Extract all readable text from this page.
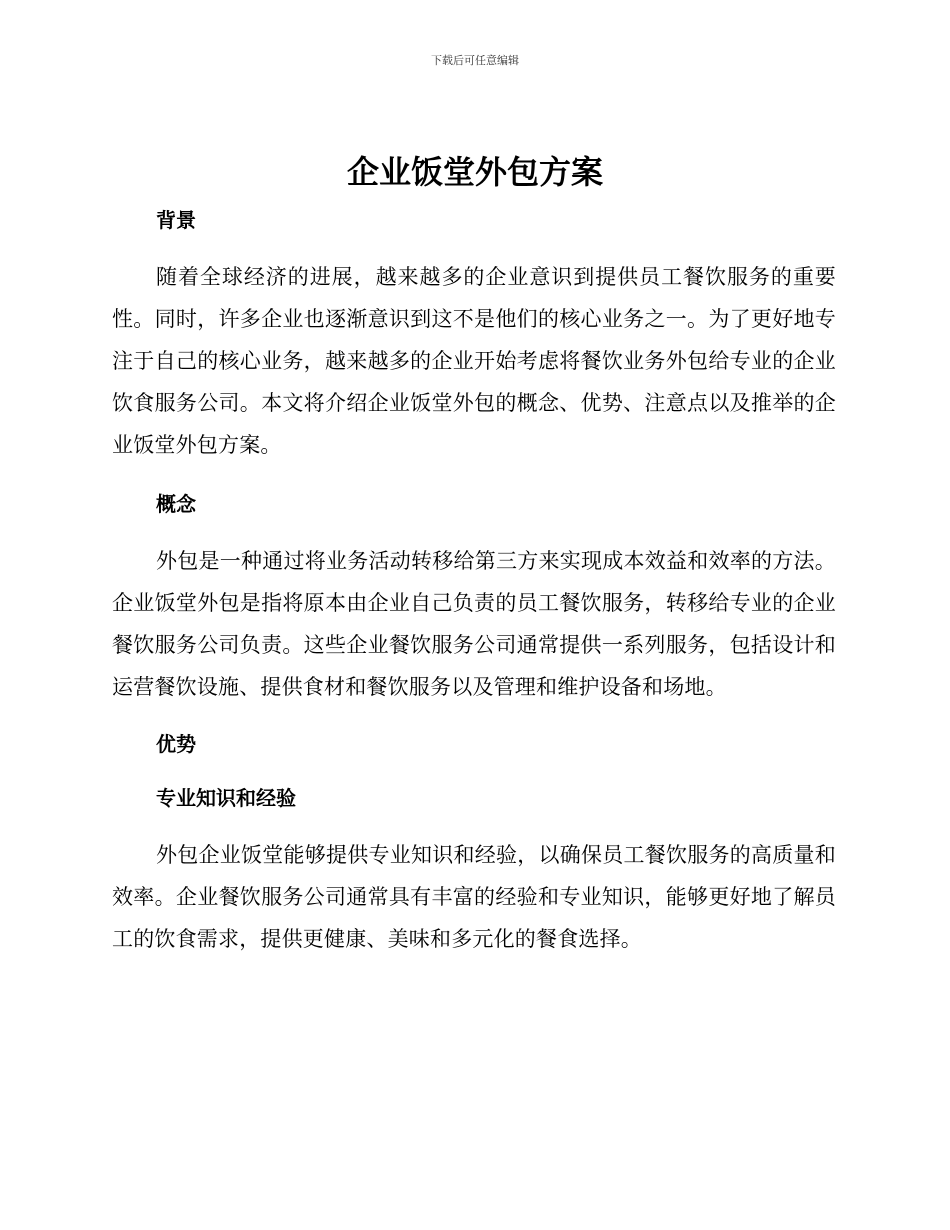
下载后可任意编辑
企业饭堂外包方案
背景

随着全球经济的进展，越来越多的企业意识到提供员工餐饮服务的重要性。同时，许多企业也逐渐意识到这不是他们的核心业务之一。为了更好地专注于自己的核心业务，越来越多的企业开始考虑将餐饮业务外包给专业的企业饮食服务公司。本文将介绍企业饭堂外包的概念、优势、注意点以及推举的企业饭堂外包方案。

概念

外包是一种通过将业务活动转移给第三方来实现成本效益和效率的方法。企业饭堂外包是指将原本由企业自己负责的员工餐饮服务，转移给专业的企业餐饮服务公司负责。这些企业餐饮服务公司通常提供一系列服务，包括设计和运营餐饮设施、提供食材和餐饮服务以及管理和维护设备和场地。

优势
专业知识和经验

外包企业饭堂能够提供专业知识和经验，以确保员工餐饮服务的高质量和效率。企业餐饮服务公司通常具有丰富的经验和专业知识，能够更好地了解员工的饮食需求，提供更健康、美味和多元化的餐食选择。
